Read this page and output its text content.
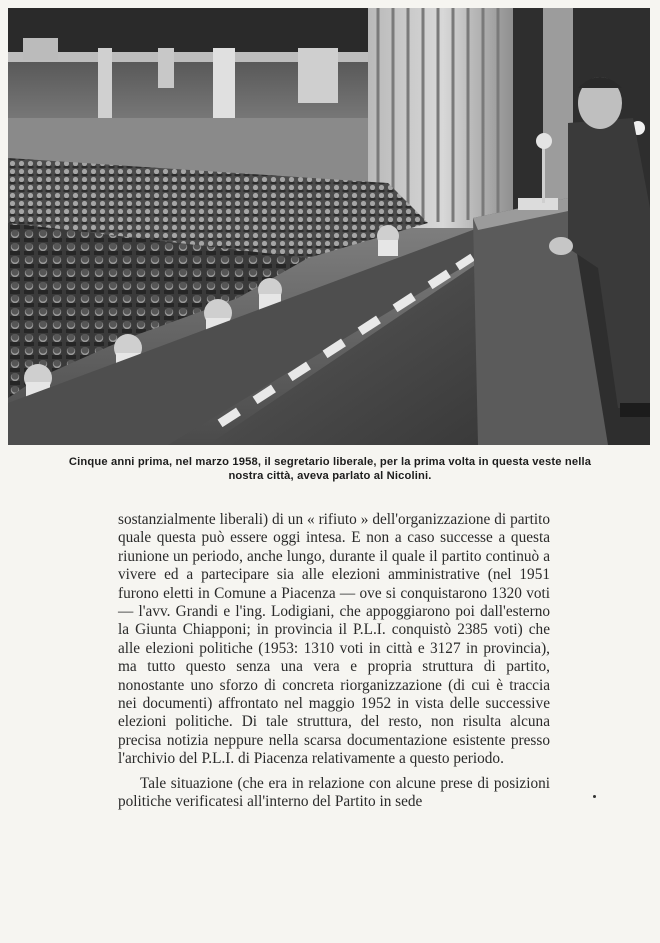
Cinque anni prima, nel marzo 1958, il segretario liberale, per la prima volta in questa veste nella nostra città, aveva parlato al Nicolini.

sostanzialmente liberali) di un « rifiuto » dell'organizzazione di partito quale questa può essere oggi intesa. E non a caso successe a questa riunione un periodo, anche lungo, durante il quale il partito continuò a vivere ed a partecipare sia alle elezioni amministrative (nel 1951 furono eletti in Comune a Piacenza — ove si conquistarono 1320 voti — l'avv. Grandi e l'ing. Lodigiani, che appoggiarono poi dall'esterno la Giunta Chiapponi; in provincia il P.L.I. conquistò 2385 voti) che alle elezioni politiche (1953: 1310 voti in città e 3127 in provincia), ma tutto questo senza una vera e propria struttura di partito, nonostante uno sforzo di concreta riorganizzazione (di cui è traccia nei documenti) affrontato nel maggio 1952 in vista delle successive elezioni politiche. Di tale struttura, del resto, non risulta alcuna precisa notizia neppure nella scarsa documentazione esistente presso l'archivio del P.L.I. di Piacenza relativamente a questo periodo.

Tale situazione (che era in relazione con alcune prese di posizioni politiche verificatesi all'interno del Partito in sede
